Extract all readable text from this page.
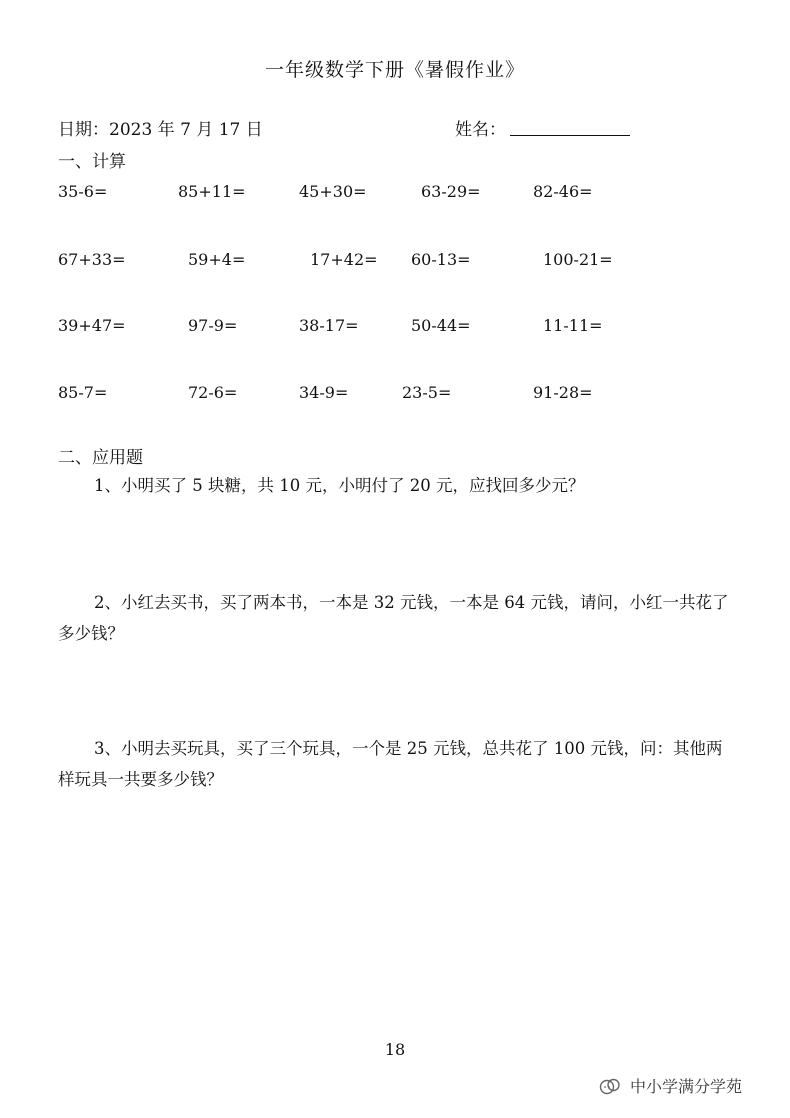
一年级数学下册《暑假作业》
日期：2023 年 7 月 17 日	姓名：
一、计算
35-6=	85+11=	45+30=	63-29=	82-46=
67+33=	59+4=	17+42= 60-13=	100-21=
39+47=	97-9=	38-17=	50-44=	11-11=
85-7=	72-6=	34-9=	23-5=	91-28=
二、应用题
1、小明买了 5 块糖，共 10 元，小明付了 20 元，应找回多少元？
2、小红去买书，买了两本书，一本是 32 元钱，一本是 64 元钱，请问，小红一共花了多少钱？
3、小明去买玩具，买了三个玩具，一个是 25 元钱，总共花了 100 元钱，问：其他两样玩具一共要多少钱？
18
中小学满分学苑
